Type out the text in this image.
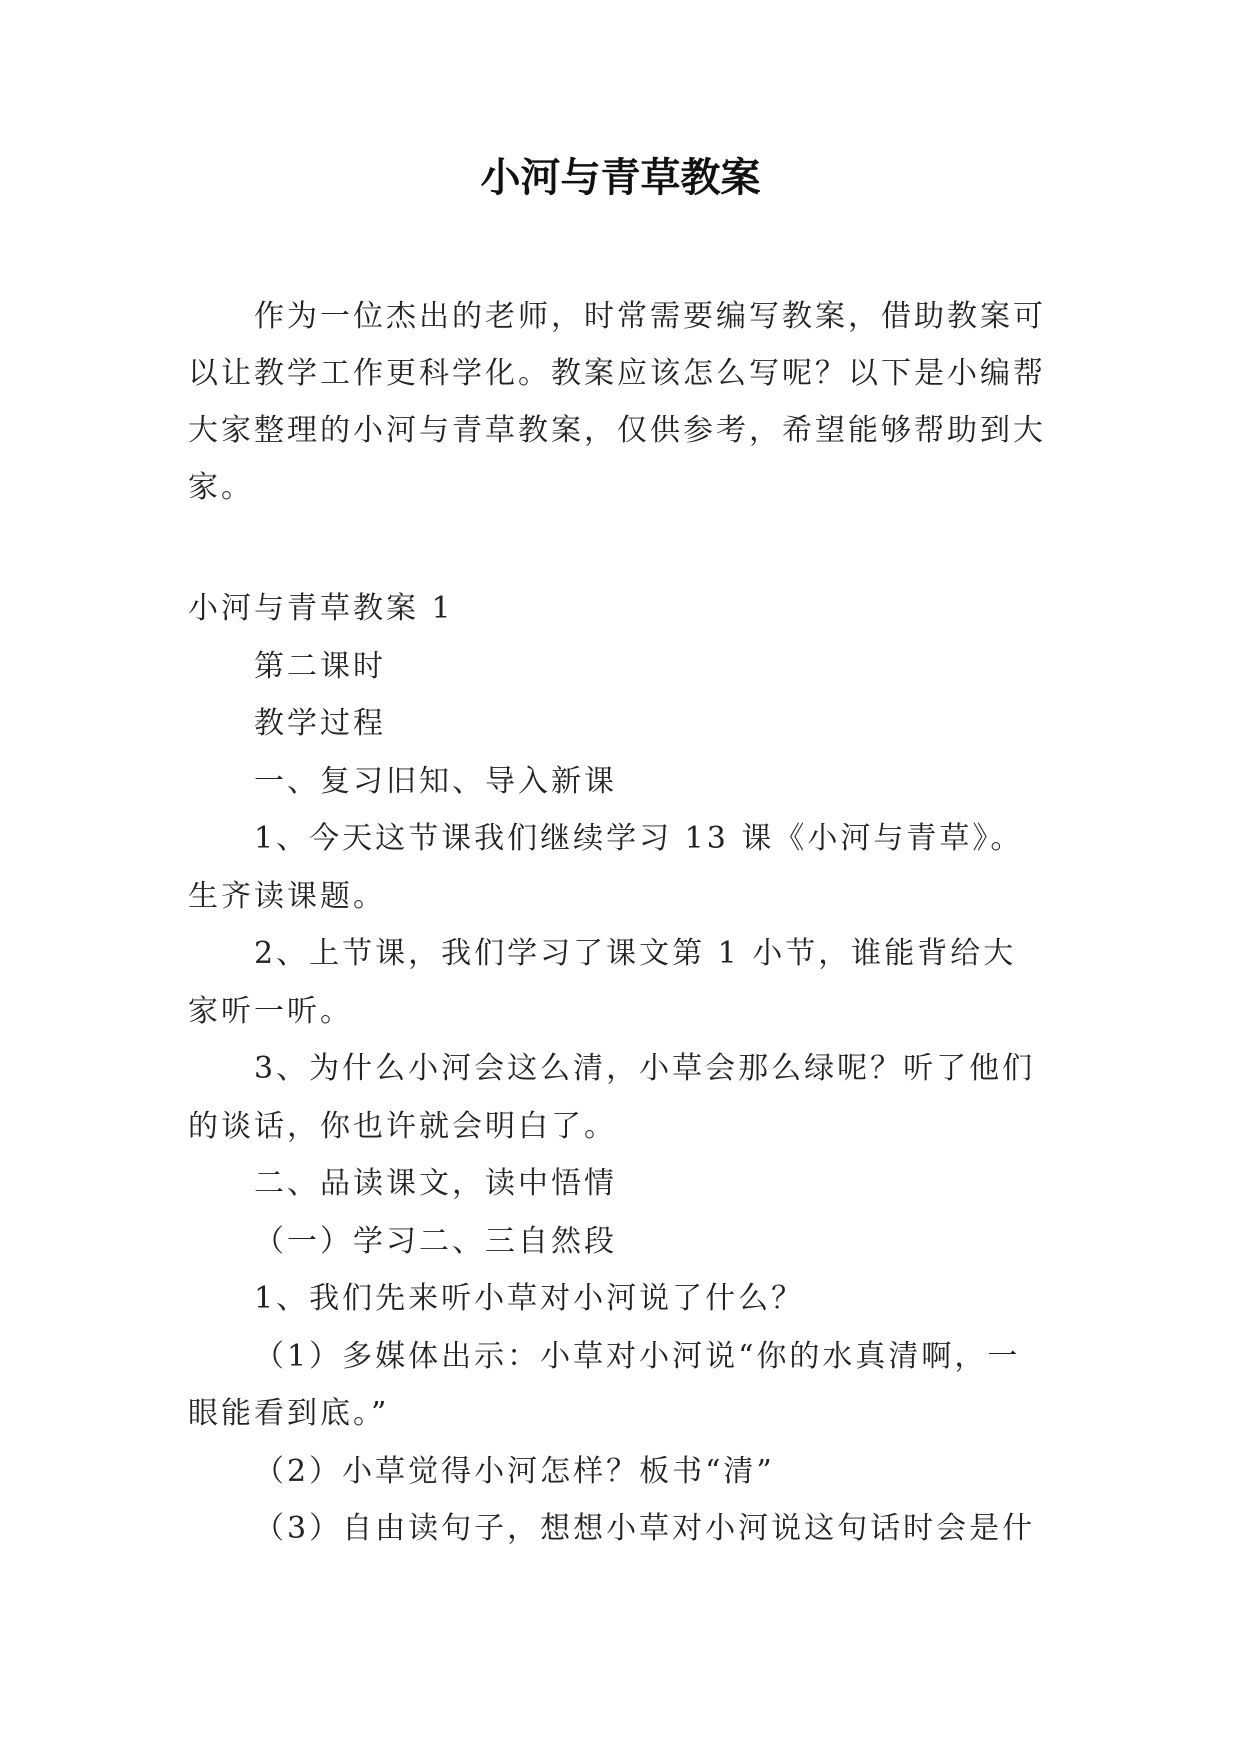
小河与青草教案

作为一位杰出的老师，时常需要编写教案，借助教案可以让教学工作更科学化。教案应该怎么写呢？以下是小编帮大家整理的小河与青草教案，仅供参考，希望能够帮助到大家。

小河与青草教案 1

第二课时

教学过程

一、复习旧知、导入新课

1、今天这节课我们继续学习 13 课《小河与青草》。生齐读课题。

2、上节课，我们学习了课文第 1 小节，谁能背给大家听一听。

3、为什么小河会这么清，小草会那么绿呢？听了他们的谈话，你也许就会明白了。

二、品读课文，读中悟情

（一）学习二、三自然段

1、我们先来听小草对小河说了什么？

（1）多媒体出示：小草对小河说“你的水真清啊，一眼能看到底。”

（2）小草觉得小河怎样？板书“清”

（3）自由读句子，想想小草对小河说这句话时会是什
